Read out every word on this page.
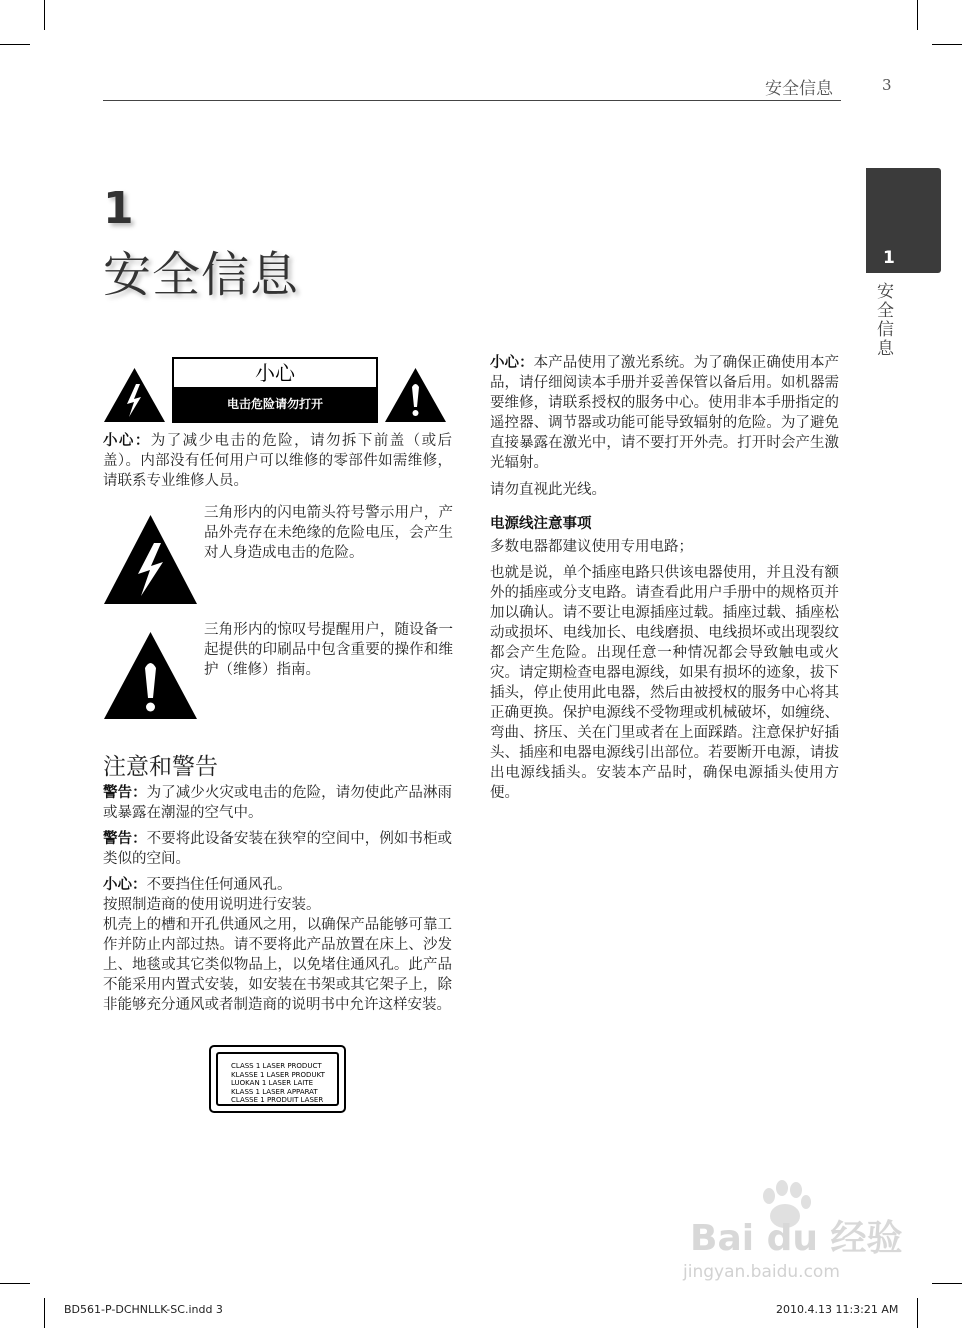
安全信息	3
1
安全信息	1
安全信息
小心
电击危险请勿打开
小心：为了减少电击的危险，请勿拆下前盖（或后盖）。内部没有任何用户可以维修的零部件如需维修，请联系专业维修人员。
三角形内的闪电箭头符号警示用户，产品外壳存在未绝缘的危险电压，会产生对人身造成电击的危险。
三角形内的惊叹号提醒用户，随设备一起提供的印刷品中包含重要的操作和维护（维修）指南。
注意和警告
警告：为了减少火灾或电击的危险，请勿使此产品淋雨或暴露在潮湿的空气中。
警告：不要将此设备安装在狭窄的空间中，例如书柜或类似的空间。
小心：不要挡住任何通风孔。
按照制造商的使用说明进行安装。
机壳上的槽和开孔供通风之用，以确保产品能够可靠工作并防止内部过热。请不要将此产品放置在床上、沙发上、地毯或其它类似物品上，以免堵住通风孔。此产品不能采用内置式安装，如安装在书架或其它架子上，除非能够充分通风或者制造商的说明书中允许这样安装。
CLASS 1 LASER PRODUCT
KLASSE 1 LASER PRODUKT
LUOKAN 1 LASER LAITE
KLASS 1 LASER APPARAT
CLASSE 1 PRODUIT LASER
小心：本产品使用了激光系统。为了确保正确使用本产品，请仔细阅读本手册并妥善保管以备后用。如机器需要维修，请联系授权的服务中心。使用非本手册指定的遥控器、调节器或功能可能导致辐射的危险。为了避免直接暴露在激光中，请不要打开外壳。打开时会产生激光辐射。
请勿直视此光线。
电源线注意事项
多数电器都建议使用专用电路；
也就是说，单个插座电路只供该电器使用，并且没有额外的插座或分支电路。请查看此用户手册中的规格页并加以确认。请不要让电源插座过载。插座过载、插座松动或损坏、电线加长、电线磨损、电线损坏或出现裂纹都会产生危险。出现任意一种情况都会导致触电或火灾。请定期检查电器电源线，如果有损坏的迹象，拔下插头，停止使用此电器，然后由被授权的服务中心将其正确更换。保护电源线不受物理或机械破坏，如缠绕、弯曲、挤压、关在门里或者在上面踩踏。注意保护好插头、插座和电器电源线引出部位。若要断开电源，请拔出电源线插头。安装本产品时，确保电源插头使用方便。
BD561-P-DCHNLLK-SC.indd 3	2010.4.13 11:3:21 AM
Bai du 经验
jingyan.baidu.com
